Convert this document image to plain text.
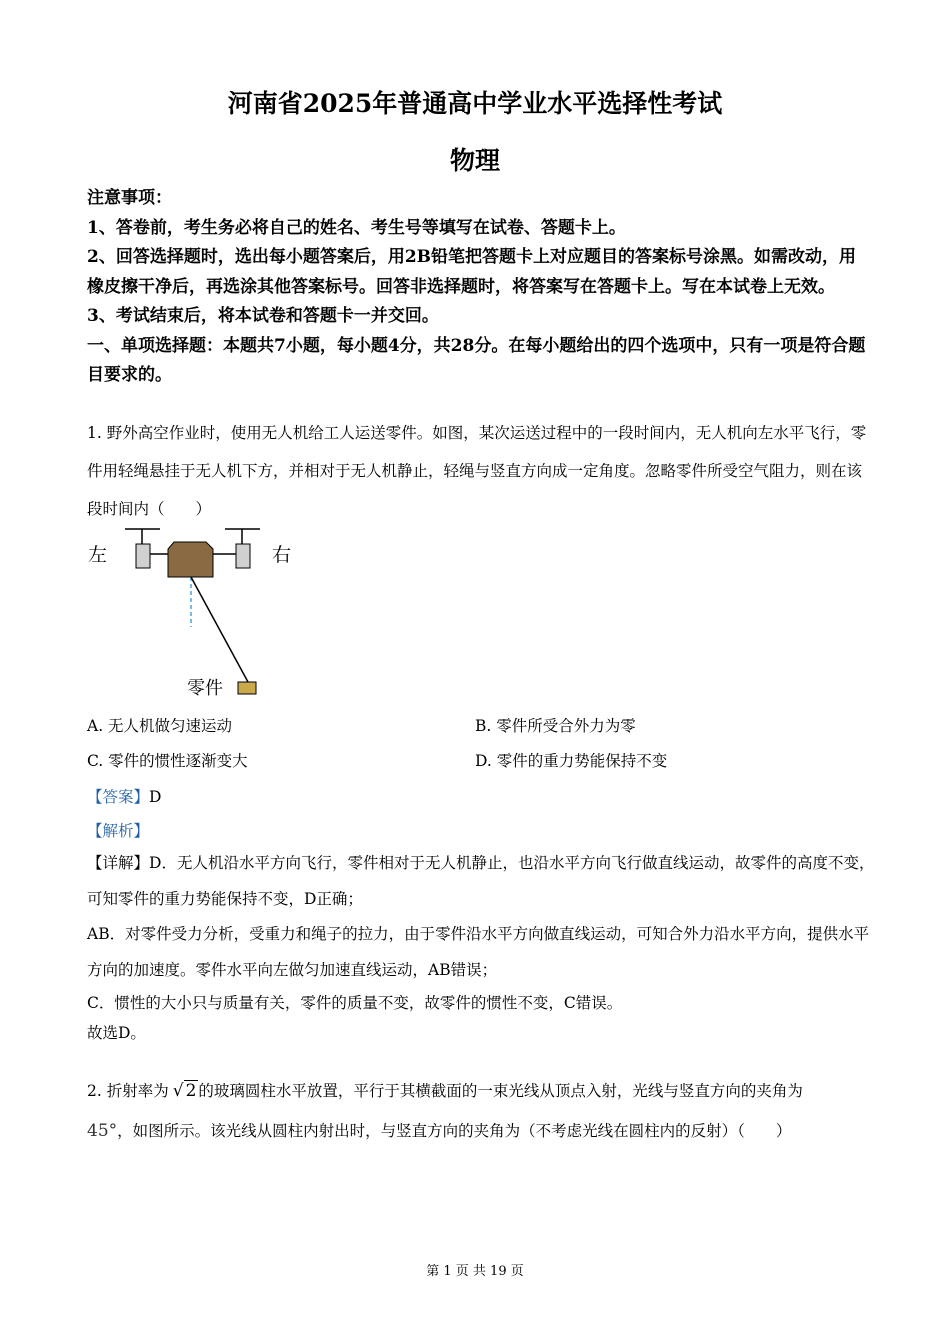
河南省2025年普通高中学业水平选择性考试
物理

注意事项：

1、答卷前，考生务必将自己的姓名、考生号等填写在试卷、答题卡上。

2、回答选择题时，选出每小题答案后，用2B铅笔把答题卡上对应题目的答案标号涂黑。如需改动，用橡皮擦干净后，再选涂其他答案标号。回答非选择题时，将答案写在答题卡上。写在本试卷上无效。

3、考试结束后，将本试卷和答题卡一并交回。

一、单项选择题：本题共7小题，每小题4分，共28分。在每小题给出的四个选项中，只有一项是符合题目要求的。

1. 野外高空作业时，使用无人机给工人运送零件。如图，某次运送过程中的一段时间内，无人机向左水平飞行，零件用轻绳悬挂于无人机下方，并相对于无人机静止，轻绳与竖直方向成一定角度。忽略零件所受空气阻力，则在该段时间内（　　）

左	右
零件
A. 无人机做匀速运动	B. 零件所受合外力为零
C. 零件的惯性逐渐变大	D. 零件的重力势能保持不变
【答案】D
【解析】

【详解】D．无人机沿水平方向飞行，零件相对于无人机静止，也沿水平方向飞行做直线运动，故零件的高度不变，可知零件的重力势能保持不变，D正确；

AB．对零件受力分析，受重力和绳子的拉力，由于零件沿水平方向做直线运动，可知合外力沿水平方向，提供水平方向的加速度。零件水平向左做匀加速直线运动，AB错误；

C．惯性的大小只与质量有关，零件的质量不变，故零件的惯性不变，C错误。

故选D。

2. 折射率为 √ 2 的玻璃圆柱水平放置，平行于其横截面的一束光线从顶点入射，光线与竖直方向的夹角为

45°，如图所示。该光线从圆柱内射出时，与竖直方向的夹角为（不考虑光线在圆柱内的反射）（　　）

第 1 页 共 19 页
